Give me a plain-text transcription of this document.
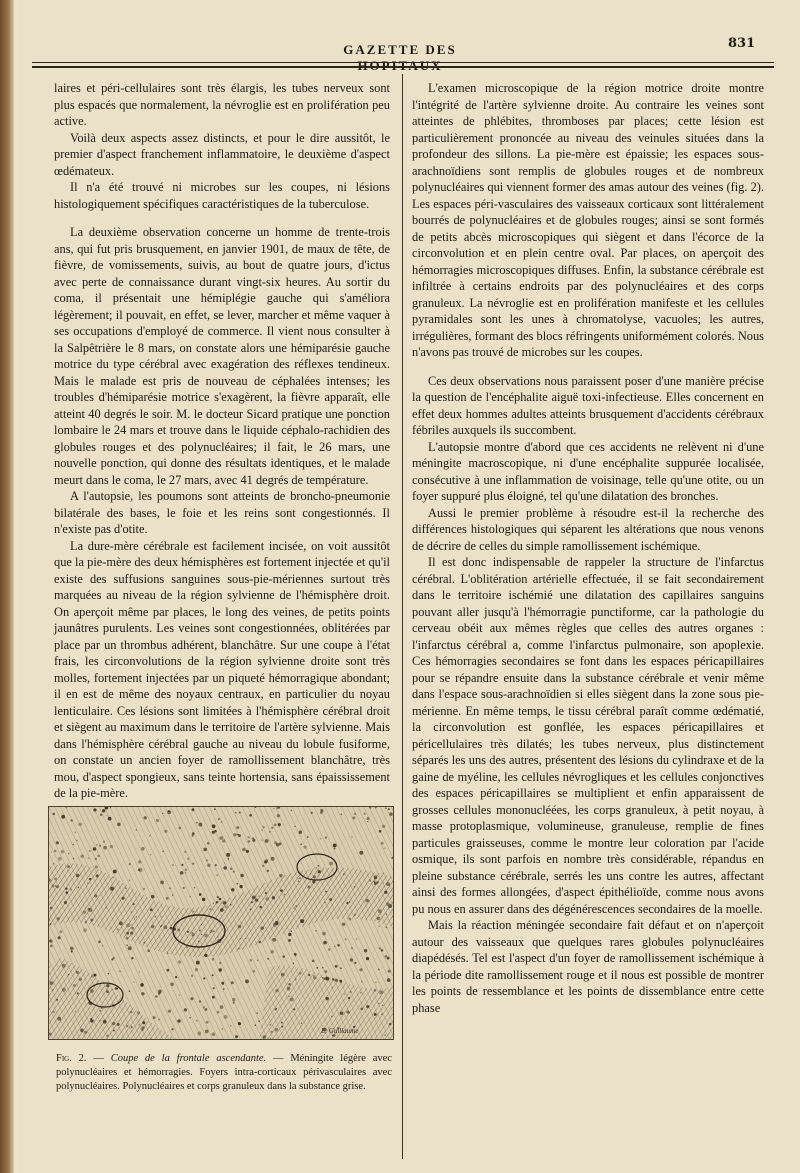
GAZETTE DES HOPITAUX
831

laires et péri-cellulaires sont très élargis, les tubes nerveux sont plus espacés que normalement, la névroglie est en prolifération peu active.

Voilà deux aspects assez distincts, et pour le dire aussitôt, le premier d'aspect franchement inflammatoire, le deuxième d'aspect œdémateux.

Il n'a été trouvé ni microbes sur les coupes, ni lésions histologiquement spécifiques caractéristiques de la tuberculose.

La deuxième observation concerne un homme de trente-trois ans, qui fut pris brusquement, en janvier 1901, de maux de tête, de fièvre, de vomissements, suivis, au bout de quatre jours, d'ictus avec perte de connaissance durant vingt-six heures. Au sortir du coma, il présentait une hémiplégie gauche qui s'améliora légèrement; il pouvait, en effet, se lever, marcher et même vaquer à ses occupations d'employé de commerce. Il vient nous consulter à la Salpêtrière le 8 mars, on constate alors une hémiparésie gauche motrice du type cérébral avec exagération des réflexes tendineux. Mais le malade est pris de nouveau de céphalées intenses; les troubles d'hémiparésie motrice s'exagèrent, la fièvre apparaît, elle atteint 40 degrés le soir. M. le docteur Sicard pratique une ponction lombaire le 24 mars et trouve dans le liquide céphalo-rachidien des globules rouges et des polynucléaires; il fait, le 26 mars, une nouvelle ponction, qui donne des résultats identiques, et le malade meurt dans le coma, le 27 mars, avec 41 degrés de température.

A l'autopsie, les poumons sont atteints de broncho-pneumonie bilatérale des bases, le foie et les reins sont congestionnés. Il n'existe pas d'otite.

La dure-mère cérébrale est facilement incisée, on voit aussitôt que la pie-mère des deux hémisphères est fortement injectée et qu'il existe des suffusions sanguines sous-pie-mériennes surtout très marquées au niveau de la région sylvienne de l'hémisphère droit. On aperçoit même par places, le long des veines, de petits points jaunâtres purulents. Les veines sont congestionnées, oblitérées par place par un thrombus adhérent, blanchâtre. Sur une coupe à l'état frais, les circonvolutions de la région sylvienne droite sont très molles, fortement injectées par un piqueté hémorragique abondant; il en est de même des noyaux centraux, en particulier du noyau lenticulaire. Ces lésions sont limitées à l'hémisphère cérébral droit et siègent au maximum dans le territoire de l'artère sylvienne. Mais dans l'hémisphère cérébral gauche au niveau du lobule fusiforme, on constate un ancien foyer de ramollissement blanchâtre, très mou, d'aspect spongieux, sans teinte hortensia, sans épaississement de la pie-mère.

E. Guillaume
Fig. 2. — Coupe de la frontale ascendante. — Méningite légère avec polynucléaires et hémorragies. Foyers intra-corticaux périvasculaires avec polynucléaires. Polynucléaires et corps granuleux dans la substance grise.

L'examen microscopique de la région motrice droite montre l'intégrité de l'artère sylvienne droite. Au contraire les veines sont atteintes de phlébites, thromboses par places; cette lésion est particulièrement prononcée au niveau des veinules situées dans la profondeur des sillons. La pie-mère est épaissie; les espaces sous-arachnoïdiens sont remplis de globules rouges et de nombreux polynucléaires qui viennent former des amas autour des veines (fig. 2). Les espaces péri-vasculaires des vaisseaux corticaux sont littéralement bourrés de polynucléaires et de globules rouges; ainsi se sont formés de petits abcès microscopiques qui siègent et dans l'écorce de la circonvolution et en plein centre oval. Par places, on aperçoit des hémorragies microscopiques diffuses. Enfin, la substance cérébrale est infiltrée à certains endroits par des polynucléaires et des corps granuleux. La névroglie est en prolifération manifeste et les cellules pyramidales sont les unes à chromatolyse, vacuoles; les autres, irrégulières, formant des blocs réfringents uniformément colorés. Nous n'avons pas trouvé de microbes sur les coupes.

Ces deux observations nous paraissent poser d'une manière précise la question de l'encéphalite aiguë toxi-infectieuse. Elles concernent en effet deux hommes adultes atteints brusquement d'accidents cérébraux fébriles auxquels ils succombent.

L'autopsie montre d'abord que ces accidents ne relèvent ni d'une méningite macroscopique, ni d'une encéphalite suppurée localisée, consécutive à une inflammation de voisinage, telle qu'une otite, ou un foyer suppuré plus éloigné, tel qu'une dilatation des bronches.

Aussi le premier problème à résoudre est-il la recherche des différences histologiques qui séparent les altérations que nous venons de décrire de celles du simple ramollissement ischémique.

Il est donc indispensable de rappeler la structure de l'infarctus cérébral. L'oblitération artérielle effectuée, il se fait secondairement dans le territoire ischémié une dilatation des capillaires sanguins pouvant aller jusqu'à l'hémorragie punctiforme, car la pathologie du cerveau obéit aux mêmes règles que celles des autres organes : l'infarctus cérébral a, comme l'infarctus pulmonaire, son apoplexie. Ces hémorragies secondaires se font dans les espaces péricapillaires pour se répandre ensuite dans la substance cérébrale et venir même dans l'espace sous-arachnoïdien si elles siègent dans la zone sous pie-mérienne. En même temps, le tissu cérébral paraît comme œdématié, la circonvolution est gonflée, les espaces péricapillaires et péricellulaires très dilatés; les tubes nerveux, plus distinctement séparés les uns des autres, présentent des lésions du cylindraxe et de la gaine de myéline, les cellules névrogliques et les cellules conjonctives des espaces péricapillaires se multiplient et enfin apparaissent de grosses cellules mononucléées, les corps granuleux, à petit noyau, à masse protoplasmique, volumineuse, granuleuse, remplie de fines particules graisseuses, comme le montre leur coloration par l'acide osmique, ils sont parfois en nombre très considérable, répandus en pleine substance cérébrale, serrés les uns contre les autres, affectant ainsi des formes allongées, d'aspect épithélioïde, comme nous avons pu nous en assurer dans des dégénérescences secondaires de la moelle.

Mais la réaction méningée secondaire fait défaut et on n'aperçoit autour des vaisseaux que quelques rares globules polynucléaires diapédésés. Tel est l'aspect d'un foyer de ramollissement ischémique à la période dite ramollissement rouge et il nous est possible de montrer les points de ressemblance et les points de dissemblance entre cette phase
